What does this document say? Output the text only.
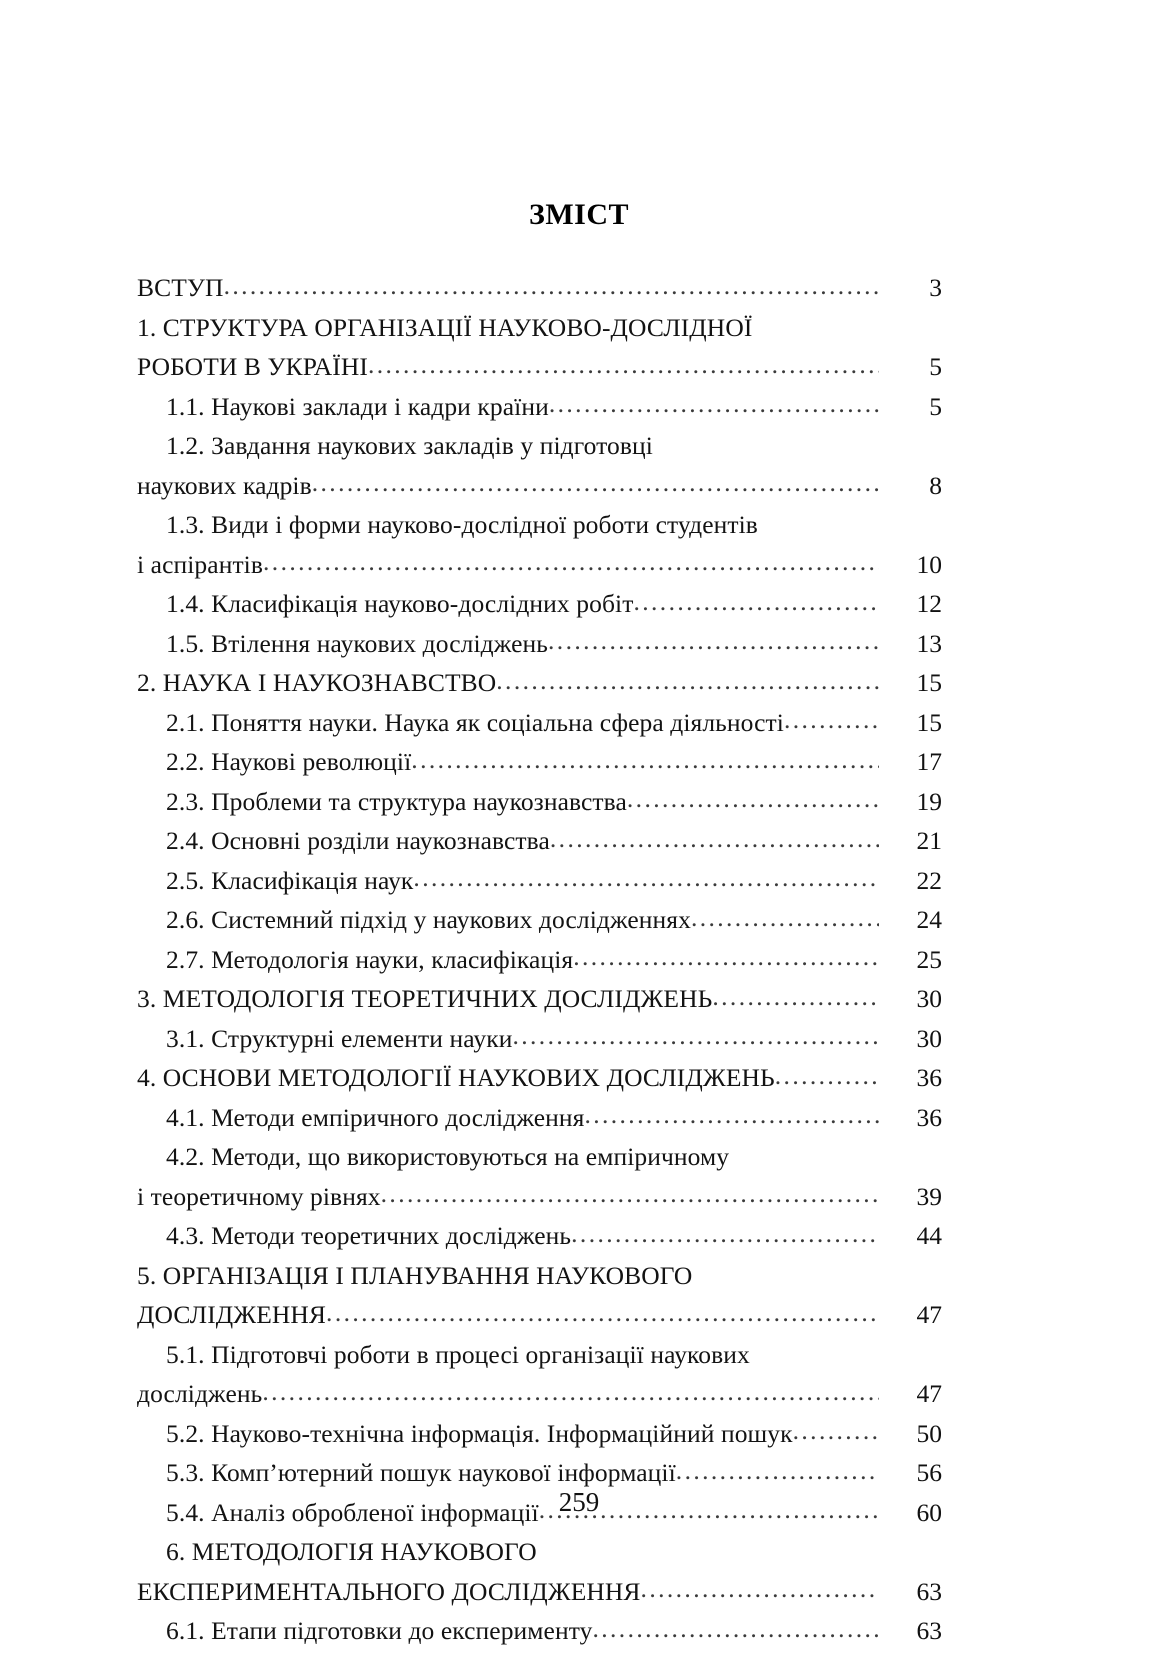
ЗМІСТ
ВСТУП .....	3
1. СТРУКТУРА ОРГАНІЗАЦІЇ НАУКОВО-ДОСЛІДНОЇ
РОБОТИ В УКРАЇНІ .....	5
1.1. Наукові заклади і кадри країни .....	5
1.2. Завдання наукових закладів у підготовці
наукових кадрів .....	8
1.3. Види і форми науково-дослідної роботи студентів
і аспірантів .....	10
1.4. Класифікація науково-дослідних робіт .....	12
1.5. Втілення наукових досліджень .....	13
2. НАУКА І НАУКОЗНАВСТВО .....	15
2.1. Поняття науки. Наука як соціальна сфера діяльності .....	15
2.2. Наукові революції .....	17
2.3. Проблеми та структура наукознавства .....	19
2.4. Основні розділи наукознавства .....	21
2.5. Класифікація наук .....	22
2.6. Системний підхід у наукових дослідженнях .....	24
2.7. Методологія науки, класифікація .....	25
3. МЕТОДОЛОГІЯ ТЕОРЕТИЧНИХ ДОСЛІДЖЕНЬ .....	30
3.1. Структурні елементи науки .....	30
4. ОСНОВИ МЕТОДОЛОГІЇ НАУКОВИХ ДОСЛІДЖЕНЬ .....	36
4.1. Методи емпіричного дослідження .....	36
4.2. Методи, що використовуються на емпіричному
і теоретичному рівнях .....	39
4.3. Методи теоретичних досліджень .....	44
5. ОРГАНІЗАЦІЯ І ПЛАНУВАННЯ НАУКОВОГО
ДОСЛІДЖЕННЯ .....	47
5.1. Підготовчі роботи в процесі організації наукових
досліджень .....	47
5.2. Науково-технічна інформація. Інформаційний пошук .....	50
5.3. Комп’ютерний пошук наукової інформації .....	56
5.4. Аналіз обробленої інформації .....	60
6. МЕТОДОЛОГІЯ НАУКОВОГО
ЕКСПЕРИМЕНТАЛЬНОГО ДОСЛІДЖЕННЯ .....	63
6.1. Етапи підготовки до експерименту .....	63
259
